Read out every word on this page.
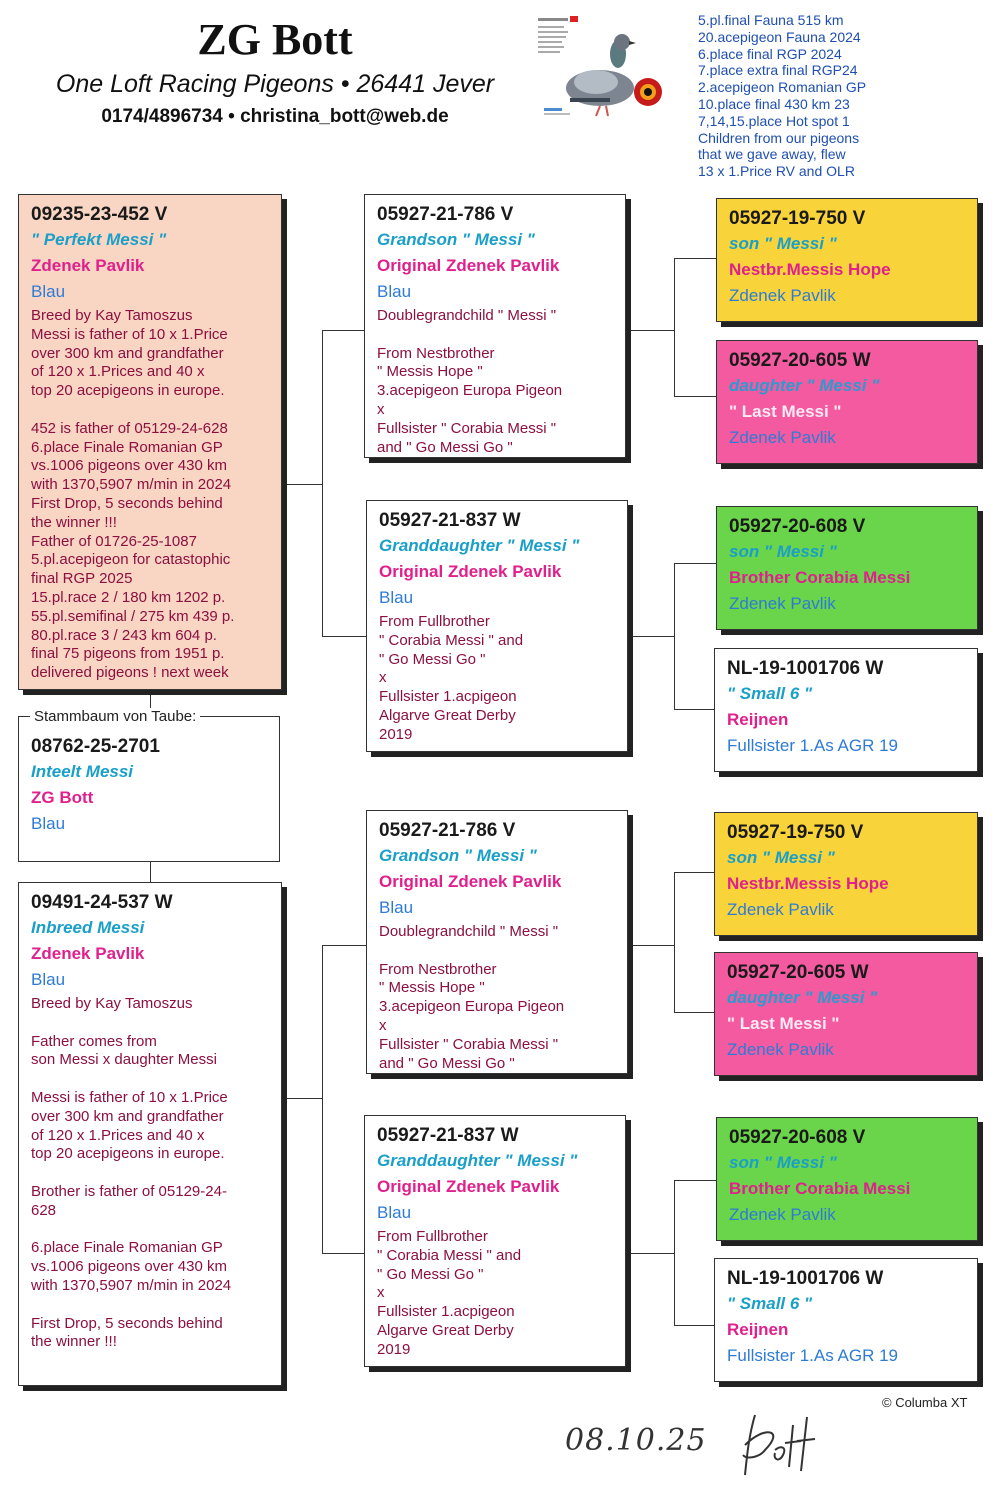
ZG Bott
One Loft Racing Pigeons • 26441 Jever
0174/4896734 • christina_bott@web.de
5.pl.final Fauna 515 km
20.acepigeon Fauna 2024
6.place final RGP 2024
7.place extra final RGP24
2.acepigeon Romanian GP
10.place final 430 km 23
7,14,15.place Hot spot 1
Children from our pigeons
that we gave away, flew
13 x 1.Price RV and OLR
09235-23-452 V
" Perfekt Messi "
Zdenek Pavlik
Blau
Breed by Kay Tamoszus
Messi is father of 10 x 1.Price
over 300 km and grandfather
of 120 x 1.Prices and 40 x
top 20 acepigeons in europe.

452 is father of 05129-24-628
6.place Finale Romanian GP
vs.1006 pigeons over 430 km
with 1370,5907 m/min in 2024
First Drop, 5 seconds behind
the winner !!!
Father of 01726-25-1087
5.pl.acepigeon for catastophic
final RGP 2025
15.pl.race 2 / 180 km 1202 p.
55.pl.semifinal / 275 km 439 p.
80.pl.race 3 / 243 km 604 p.
final 75 pigeons from 1951 p.
delivered pigeons ! next week
08762-25-2701
Inteelt Messi
ZG Bott
Blau
Stammbaum von Taube:
09491-24-537 W
Inbreed Messi
Zdenek Pavlik
Blau
Breed by Kay Tamoszus

Father comes from
son Messi x daughter Messi

Messi is father of 10 x 1.Price
over 300 km and grandfather
of 120 x 1.Prices and 40 x
top 20 acepigeons in europe.

Brother is father of 05129-24-
628

6.place Finale Romanian GP
vs.1006 pigeons over 430 km
with 1370,5907 m/min in 2024

First Drop, 5 seconds behind
the winner !!!
05927-21-786 V
Grandson " Messi "
Original Zdenek Pavlik
Blau
Doublegrandchild " Messi "

From Nestbrother
" Messis Hope "
3.acepigeon Europa Pigeon
x
Fullsister " Corabia Messi "
and " Go Messi Go "
05927-21-837 W
Granddaughter " Messi "
Original Zdenek Pavlik
Blau
From Fullbrother
" Corabia Messi " and
" Go Messi Go "
x
Fullsister 1.acpigeon
Algarve Great Derby
2019
05927-21-786 V
Grandson " Messi "
Original Zdenek Pavlik
Blau
Doublegrandchild " Messi "

From Nestbrother
" Messis Hope "
3.acepigeon Europa Pigeon
x
Fullsister " Corabia Messi "
and " Go Messi Go "
05927-21-837 W
Granddaughter " Messi "
Original Zdenek Pavlik
Blau
From Fullbrother
" Corabia Messi " and
" Go Messi Go "
x
Fullsister 1.acpigeon
Algarve Great Derby
2019
05927-19-750 V
son " Messi "
Nestbr.Messis Hope
Zdenek Pavlik
05927-20-605 W
daughter " Messi "
" Last Messi "
Zdenek Pavlik
05927-20-608 V
son " Messi "
Brother Corabia Messi
Zdenek Pavlik
NL-19-1001706 W
" Small 6 "
Reijnen
Fullsister 1.As AGR 19
05927-19-750 V
son " Messi "
Nestbr.Messis Hope
Zdenek Pavlik
05927-20-605 W
daughter " Messi "
" Last Messi "
Zdenek Pavlik
05927-20-608 V
son " Messi "
Brother Corabia Messi
Zdenek Pavlik
NL-19-1001706 W
" Small 6 "
Reijnen
Fullsister 1.As AGR 19
© Columba XT
08.10.25
